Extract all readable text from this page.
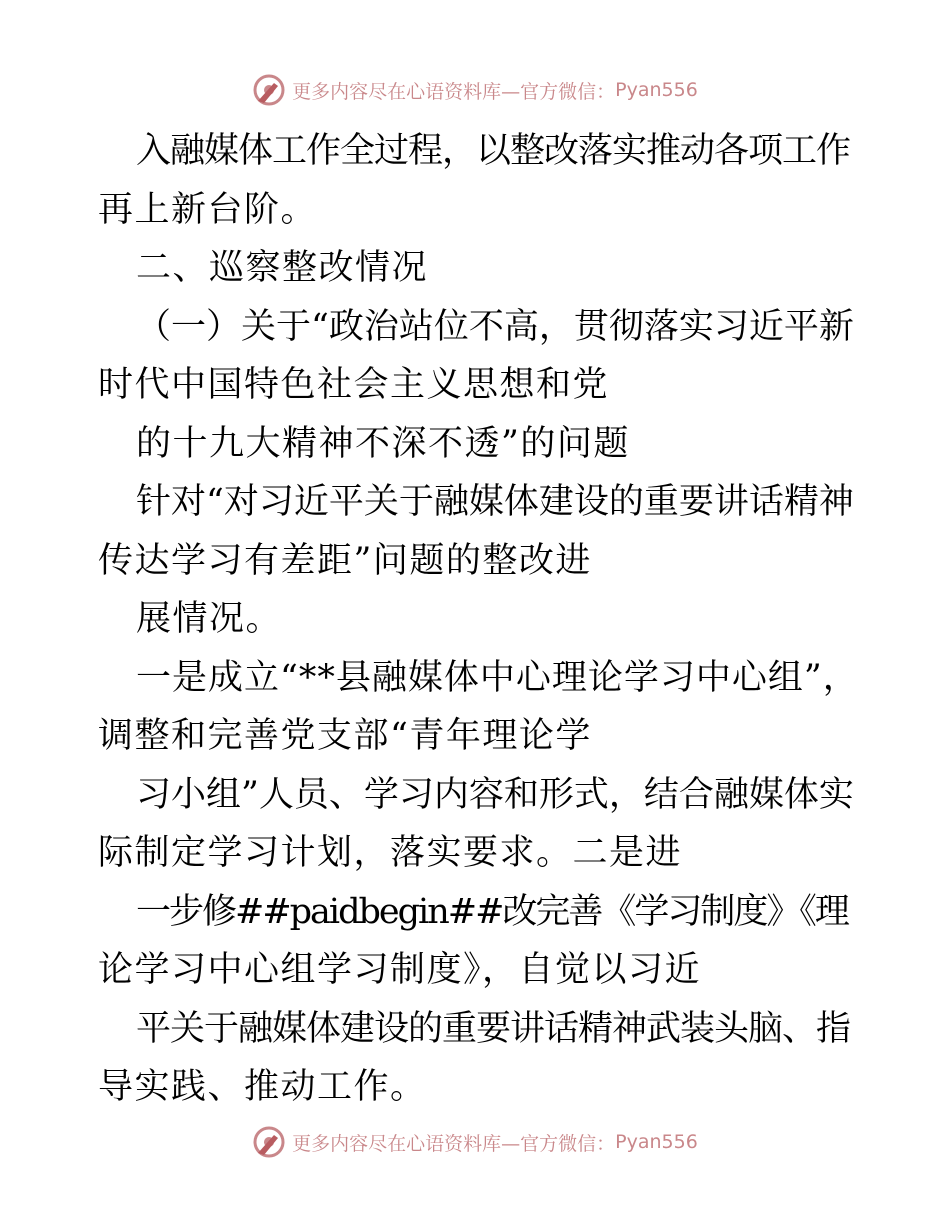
更多内容尽在心语资料库—官方微信： Pyan556
入融媒体工作全过程，以整改落实推动各项工作
再上新台阶。
二、巡察整改情况
（一）关于“政治站位不高，贯彻落实习近平新
时代中国特色社会主义思想和党
的十九大精神不深不透”的问题
针对“对习近平关于融媒体建设的重要讲话精神
传达学习有差距”问题的整改进
展情况。
一是成立“**县融媒体中心理论学习中心组”，
调整和完善党支部“青年理论学
习小组”人员、学习内容和形式，结合融媒体实
际制定学习计划，落实要求。二是进
一步修##paidbegin##改完善《学习制度》《理
论学习中心组学习制度》，自觉以习近
平关于融媒体建设的重要讲话精神武装头脑、指
导实践、推动工作。
更多内容尽在心语资料库—官方微信： Pyan556
